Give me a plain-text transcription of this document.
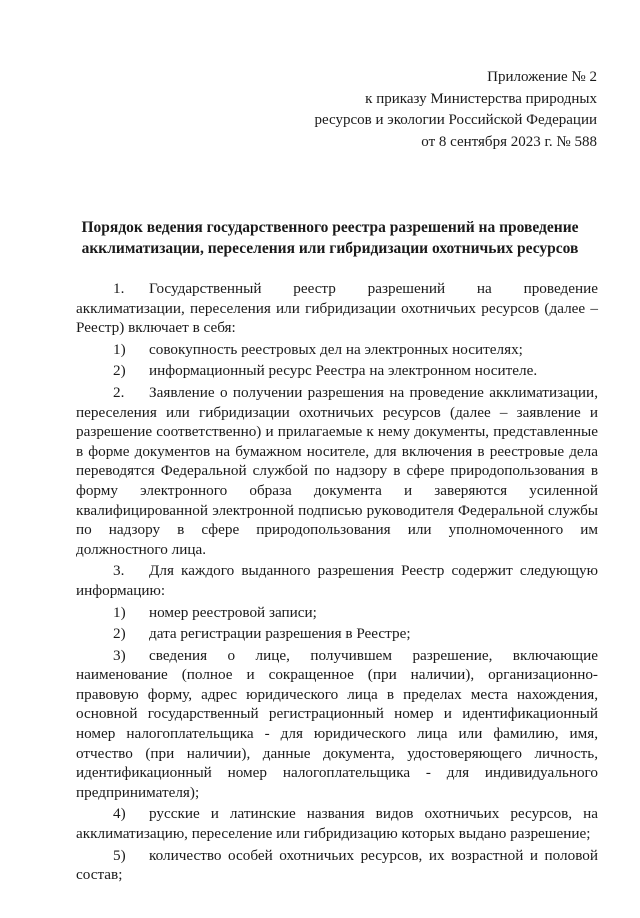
Приложение № 2
к приказу Министерства природных
ресурсов и экологии Российской Федерации
от 8 сентября 2023 г. № 588
Порядок ведения государственного реестра разрешений на проведение
акклиматизации, переселения или гибридизации охотничьих ресурсов

1. Государственный реестр разрешений на проведение акклиматизации, переселения или гибридизации охотничьих ресурсов (далее – Реестр) включает в себя:

1) совокупность реестровых дел на электронных носителях;

2) информационный ресурс Реестра на электронном носителе.

2. Заявление о получении разрешения на проведение акклиматизации, переселения или гибридизации охотничьих ресурсов (далее – заявление и разрешение соответственно) и прилагаемые к нему документы, представленные в форме документов на бумажном носителе, для включения в реестровые дела переводятся Федеральной службой по надзору в сфере природопользования в форму электронного образа документа и заверяются усиленной квалифицированной электронной подписью руководителя Федеральной службы по надзору в сфере природопользования или уполномоченного им должностного лица.

3. Для каждого выданного разрешения Реестр содержит следующую информацию:

1) номер реестровой записи;

2) дата регистрации разрешения в Реестре;

3) сведения о лице, получившем разрешение, включающие наименование (полное и сокращенное (при наличии), организационно-правовую форму, адрес юридического лица в пределах места нахождения, основной государственный регистрационный номер и идентификационный номер налогоплательщика - для юридического лица или фамилию, имя, отчество (при наличии), данные документа, удостоверяющего личность, идентификационный номер налогоплательщика - для индивидуального предпринимателя);

4) русские и латинские названия видов охотничьих ресурсов, на акклиматизацию, переселение или гибридизацию которых выдано разрешение;

5) количество особей охотничьих ресурсов, их возрастной и половой состав;
